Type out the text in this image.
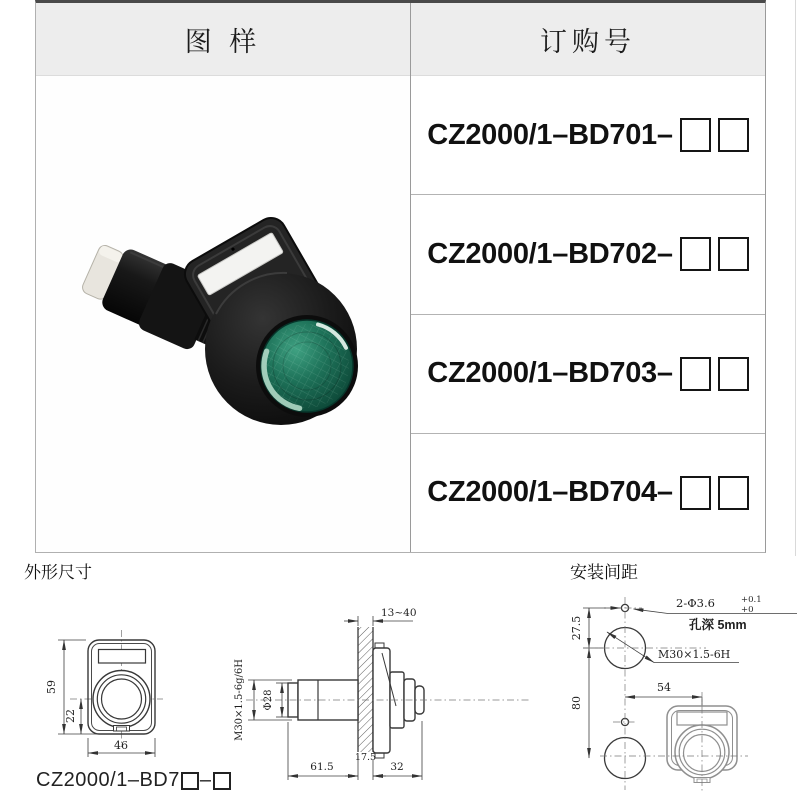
图 样	订购号
CZ2000/1–BD701–
CZ2000/1–BD702–
CZ2000/1–BD703–
CZ2000/1–BD704–
外形尺寸	安装间距
59
22
46
13~40
M30×1.5-6g/6H Φ28
61.5
17.5
32
27.5
80
54
2-Φ3.6	+0.1
+0
孔深 5mm
M30×1.5-6H
CZ2000/1–BD7 –
